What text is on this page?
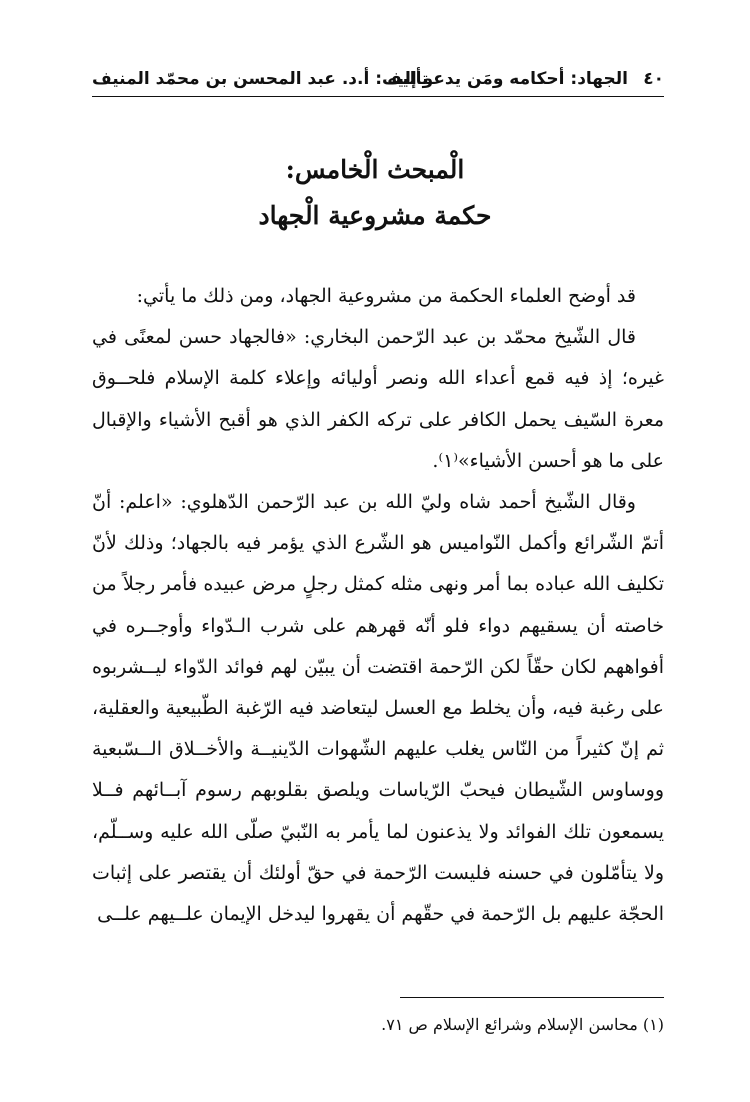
٤٠
الجهاد: أحكامه ومَن يدعو إليه
تأليف: أ.د. عبد المحسن بن محمّد المنيف
الْمبحث الْخامس:
حكمة مشروعية الْجهاد

قد أوضح العلماء الحكمة من مشروعية الجهاد، ومن ذلك ما يأتي:

قال الشّيخ محمّد بن عبد الرّحمن البخاري: «فالجهاد حسن لمعنًى في غيره؛ إذ فيه قمع أعداء الله ونصر أوليائه وإعلاء كلمة الإسلام فلحــوق معرة السّيف يحمل الكافر على تركه الكفر الذي هو أقبح الأشياء والإقبال على ما هو أحسن الأشياء»⁽١⁾.

وقال الشّيخ أحمد شاه وليّ الله بن عبد الرّحمن الدّهلوي: «اعلم: أنّ أتمّ الشّرائع وأكمل النّواميس هو الشّرع الذي يؤمر فيه بالجهاد؛ وذلك لأنّ تكليف الله عباده بما أمر ونهى مثله كمثل رجلٍ مرض عبيده فأمر رجلاً من خاصته أن يسقيهم دواء فلو أنّه قهرهم على شرب الـدّواء وأوجــره في أفواههم لكان حقّاً لكن الرّحمة اقتضت أن يبيّن لهم فوائد الدّواء ليــشربوه على رغبة فيه، وأن يخلط مع العسل ليتعاضد فيه الرّغبة الطّبيعية والعقلية، ثم إنّ كثيراً من النّاس يغلب عليهم الشّهوات الدّينيــة والأخــلاق الــسّبعية ووساوس الشّيطان فيحبّ الرّياسات ويلصق بقلوبهم رسوم آبــائهم فــلا يسمعون تلك الفوائد ولا يذعنون لما يأمر به النّبيّ صلّى الله عليه وســلّم، ولا يتأمّلون في حسنه فليست الرّحمة في حقّ أولئك أن يقتصر على إثبات الحجّة عليهم بل الرّحمة في حقّهم أن يقهروا ليدخل الإيمان علــيهم علــى

(١) محاسن الإسلام وشرائع الإسلام ص ٧١.
